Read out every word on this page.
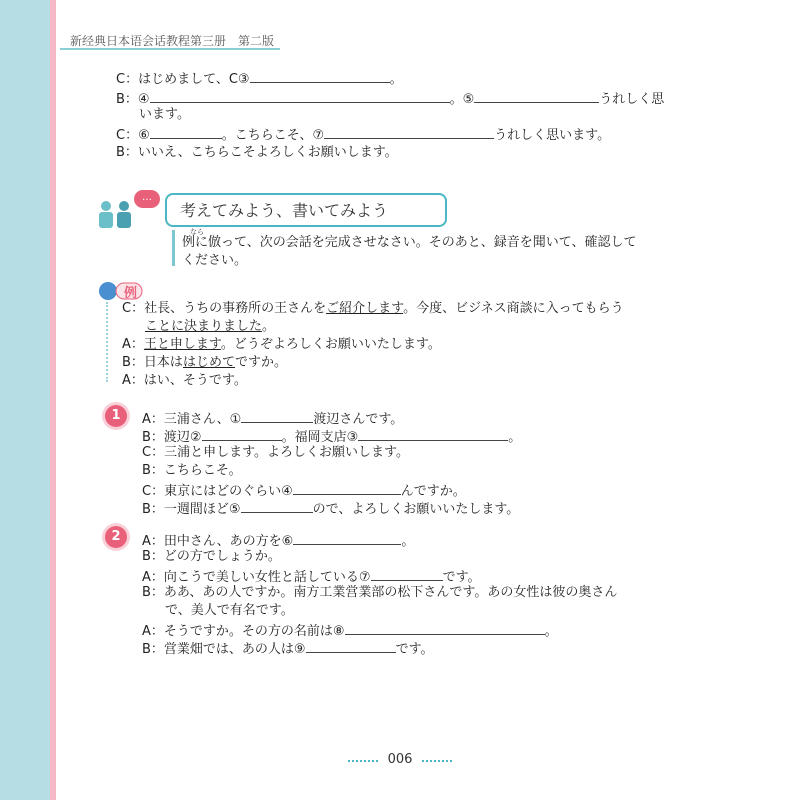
新经典日本语会话教程第三册　第二版
C：はじめまして、C③	。
B：④	。⑤	うれしく思
います。
C：⑥	。こちらこそ、⑦	うれしく思います。
B：いいえ、こちらこそよろしくお願いします。
…
考えてみよう、書いてみよう
なら
例に倣って、次の会話を完成させなさい。そのあと、録音を聞いて、確認して
ください。
例
C：社長、うちの事務所の王さんをご紹介します。今度、ビジネス商談に入ってもらう
ことに決まりました。
A：王と申します。どうぞよろしくお願いいたします。
B：日本ははじめてですか。
A：はい、そうです。
1	A：三浦さん、①	渡辺さんです。
B：渡辺②	。福岡支店③	。
C：三浦と申します。よろしくお願いします。
B：こちらこそ。
C：東京にはどのぐらい④	んですか。
B：一週間ほど⑤	ので、よろしくお願いいたします。
2	A：田中さん、あの方を⑥	。
B：どの方でしょうか。
A：向こうで美しい女性と話している⑦	です。
B：ああ、あの人ですか。南方工業営業部の松下さんです。あの女性は彼の奥さん
で、美人で有名です。
A：そうですか。その方の名前は⑧	。
B：営業畑では、あの人は⑨	です。
006
